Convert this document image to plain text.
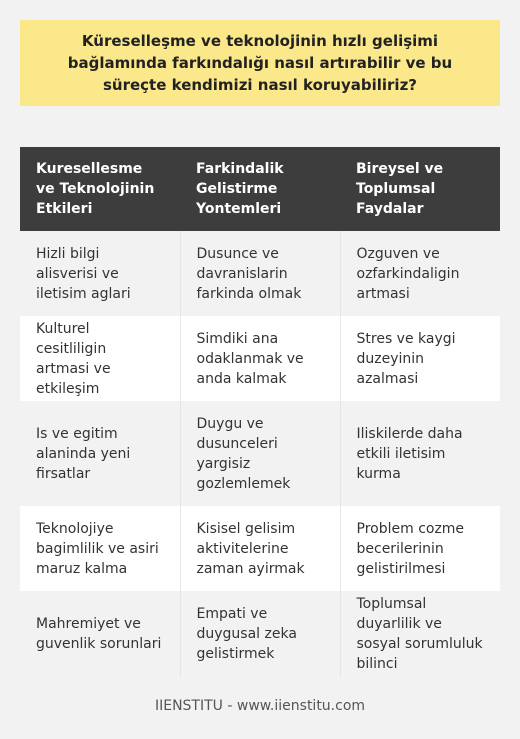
Küreselleşme ve teknolojinin hızlı gelişimi bağlamında farkındalığı nasıl artırabilir ve bu süreçte kendimizi nasıl koruyabiliriz?
Kuresellesme ve Teknolojinin Etkileri	Farkindalik Gelistirme Yontemleri	Bireysel ve Toplumsal Faydalar
Hizli bilgi alisverisi ve iletisim aglari	Dusunce ve davranislarin farkinda olmak	Ozguven ve ozfarkindaligin artmasi
Kulturel cesitliligin artmasi ve etkileşim	Simdiki ana odaklanmak ve anda kalmak	Stres ve kaygi duzeyinin azalmasi
Is ve egitim alaninda yeni firsatlar	Duygu ve dusunceleri yargisiz gozlemlemek	Iliskilerde daha etkili iletisim kurma
Teknolojiye bagimlilik ve asiri maruz kalma	Kisisel gelisim aktivitelerine zaman ayirmak	Problem cozme becerilerinin gelistirilmesi
Mahremiyet ve guvenlik sorunlari	Empati ve duygusal zeka gelistirmek	Toplumsal duyarlilik ve sosyal sorumluluk bilinci
IIENSTITU - www.iienstitu.com
